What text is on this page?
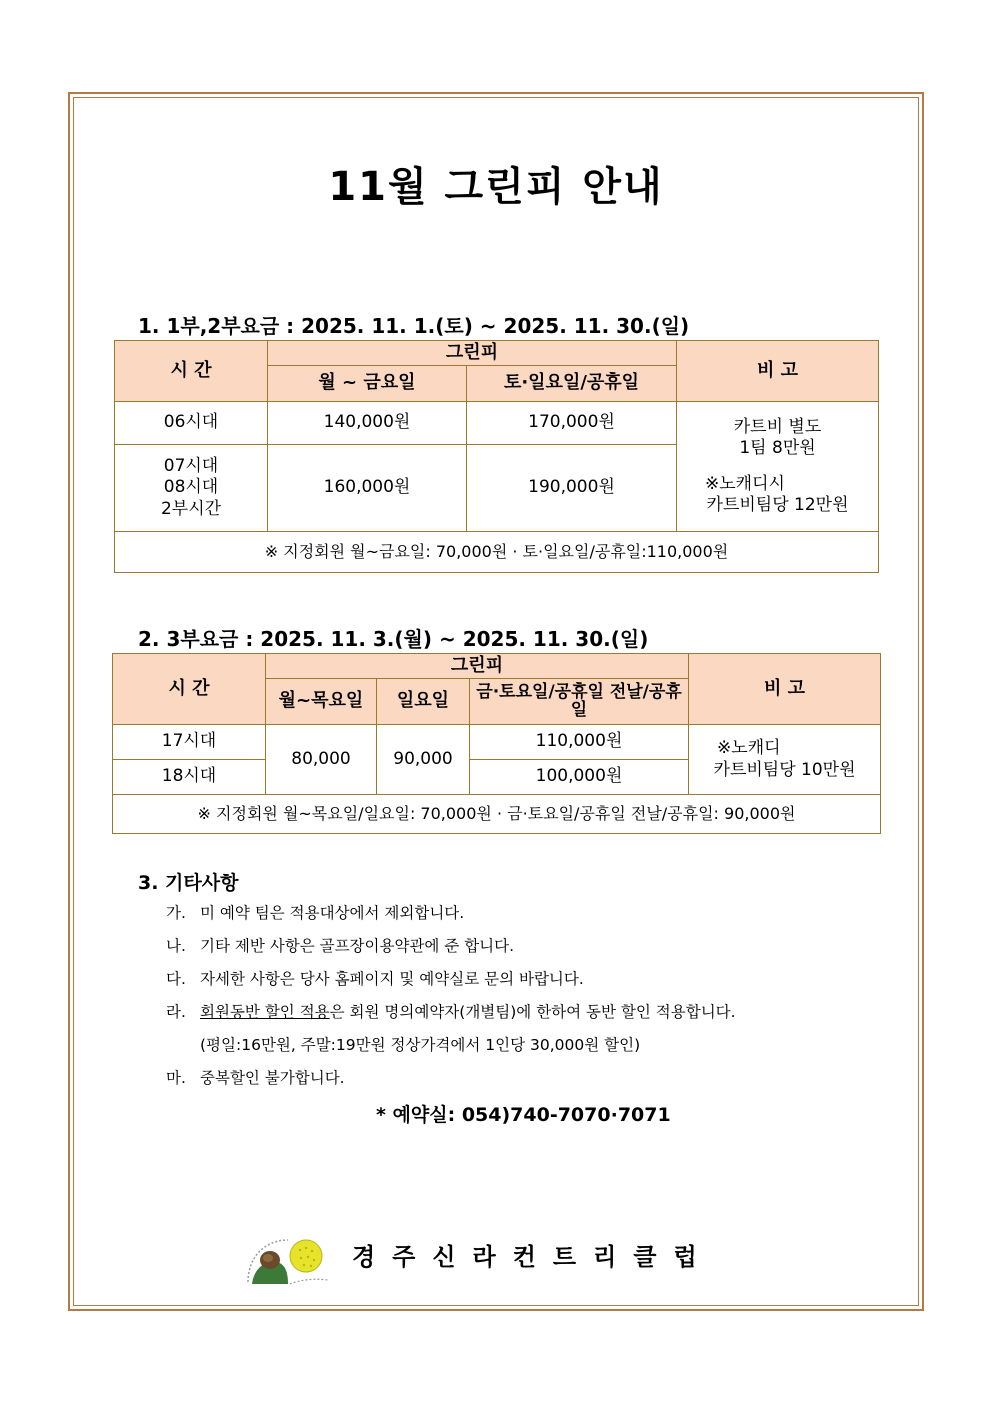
11월 그린피 안내
1. 1부,2부요금 : 2025. 11. 1.(토) ~ 2025. 11. 30.(일)
시 간	그린피		비 고
	월 ~ 금요일	토·일요일/공휴일	
06시대	140,000원	170,000원	카트비 별도
1팀 8만원
※노캐디시
카트비팀당 12만원

07시대
08시대
2부시간	160,000원	190,000원	
※ 지정회원 월~금요일: 70,000원 · 토·일요일/공휴일:110,000원			
2. 3부요금 : 2025. 11. 3.(월) ~ 2025. 11. 30.(일)
시 간	그린피			비 고
	월~목요일	일요일	금·토요일/공휴일 전날/공휴일	
17시대	80,000	90,000	110,000원	※노캐디
카트비팀당 10만원

18시대			100,000원	
※ 지정회원 월~목요일/일요일: 70,000원 · 금·토요일/공휴일 전날/공휴일: 90,000원				
3. 기타사항
가. 미 예약 팀은 적용대상에서 제외합니다.
나. 기타 제반 사항은 골프장이용약관에 준 합니다.
다. 자세한 사항은 당사 홈페이지 및 예약실로 문의 바랍니다.
라. 회원동반 할인 적용은 회원 명의예약자(개별팀)에 한하여 동반 할인 적용합니다.
(평일:16만원, 주말:19만원 정상가격에서 1인당 30,000원 할인)
마. 중복할인 불가합니다.
* 예약실: 054)740-7070·7071
경주신라컨트리클럽
